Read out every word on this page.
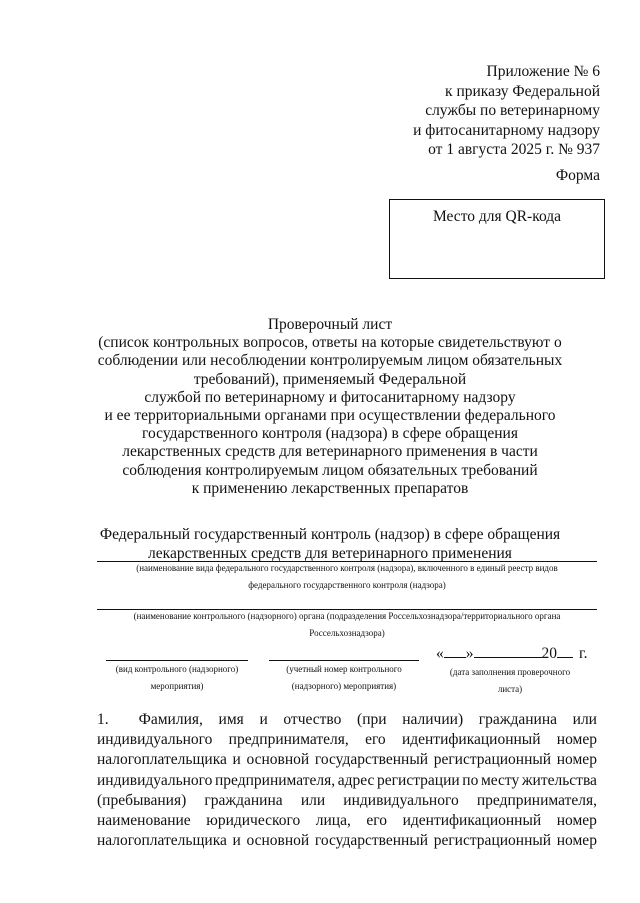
Приложение № 6
к приказу Федеральной
службы по ветеринарному
и фитосанитарному надзору
от 1 августа 2025 г. № 937
Форма
Место для QR-кода
Проверочный лист
(список контрольных вопросов, ответы на которые свидетельствуют о
соблюдении или несоблюдении контролируемым лицом обязательных
требований), применяемый Федеральной
службой по ветеринарному и фитосанитарному надзору
и ее территориальными органами при осуществлении федерального
государственного контроля (надзора) в сфере обращения
лекарственных средств для ветеринарного применения в части
соблюдения контролируемым лицом обязательных требований
к применению лекарственных препаратов
Федеральный государственный контроль (надзор) в сфере обращения
лекарственных средств для ветеринарного применения
(наименование вида федерального государственного контроля (надзора), включенного в единый реестр видов
федерального государственного контроля (надзора)
(наименование контрольного (надзорного) органа (подразделения Россельхознадзора/территориального органа
Россельхознадзора)
(вид контрольного (надзорного)
мероприятия)
(учетный номер контрольного
(надзорного) мероприятия)
« »	20 г.
(дата заполнения проверочного
листа)
1. Фамилия, имя и отчество (при наличии) гражданина или
индивидуального предпринимателя, его идентификационный номер
налогоплательщика и основной государственный регистрационный номер
индивидуального предпринимателя, адрес регистрации по месту жительства
(пребывания) гражданина или индивидуального предпринимателя,
наименование юридического лица, его идентификационный номер
налогоплательщика и основной государственный регистрационный номер
